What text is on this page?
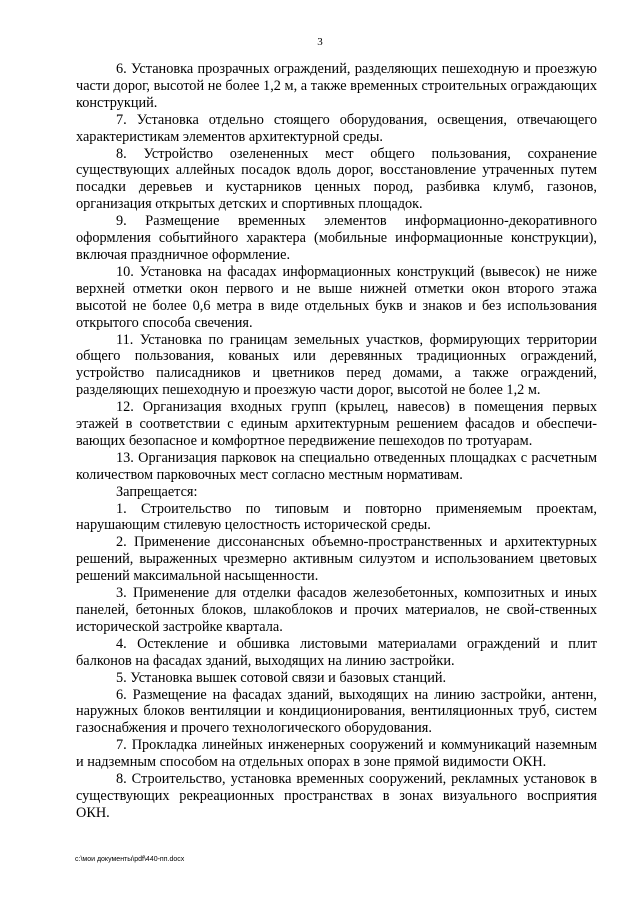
3

6. Установка прозрачных ограждений, разделяющих пешеходную и проезжую части дорог, высотой не более 1,2 м, а также временных строительных ограждающих конструкций.

7. Установка отдельно стоящего оборудования, освещения, отвечающего характеристикам элементов архитектурной среды.

8. Устройство озелененных мест общего пользования, сохранение существующих аллейных посадок вдоль дорог, восстановление утраченных путем посадки деревьев и кустарников ценных пород, разбивка клумб, газонов, организация открытых детских и спортивных площадок.

9. Размещение временных элементов информационно-декоративного оформления событийного характера (мобильные информационные конструкции), включая праздничное оформление.

10. Установка на фасадах информационных конструкций (вывесок) не ниже верхней отметки окон первого и не выше нижней отметки окон второго этажа высотой не более 0,6 метра в виде отдельных букв и знаков и без использования открытого способа свечения.

11. Установка по границам земельных участков, формирующих территории общего пользования, кованых или деревянных традиционных ограждений, устройство палисадников и цветников перед домами, а также ограждений, разделяющих пешеходную и проезжую части дорог, высотой не более 1,2 м.

12. Организация входных групп (крылец, навесов) в помещения первых этажей в соответствии с единым архитектурным решением фасадов и обеспечи-вающих безопасное и комфортное передвижение пешеходов по тротуарам.

13. Организация парковок на специально отведенных площадках с расчетным количеством парковочных мест согласно местным нормативам.

Запрещается:

1. Строительство по типовым и повторно применяемым проектам, нарушающим стилевую целостность исторической среды.

2. Применение диссонансных объемно-пространственных и архитектурных решений, выраженных чрезмерно активным силуэтом и использованием цветовых решений максимальной насыщенности.

3. Применение для отделки фасадов железобетонных, композитных и иных панелей, бетонных блоков, шлакоблоков и прочих материалов, не свой-ственных исторической застройке квартала.

4. Остекление и обшивка листовыми материалами ограждений и плит балконов на фасадах зданий, выходящих на линию застройки.

5. Установка вышек сотовой связи и базовых станций.

6. Размещение на фасадах зданий, выходящих на линию застройки, антенн, наружных блоков вентиляции и кондиционирования, вентиляционных труб, систем газоснабжения и прочего технологического оборудования.

7. Прокладка линейных инженерных сооружений и коммуникаций наземным и надземным способом на отдельных опорах в зоне прямой видимости ОКН.

8. Строительство, установка временных сооружений, рекламных установок в существующих рекреационных пространствах в зонах визуального восприятия ОКН.

c:\мои документы\pdf\440-пп.docx
